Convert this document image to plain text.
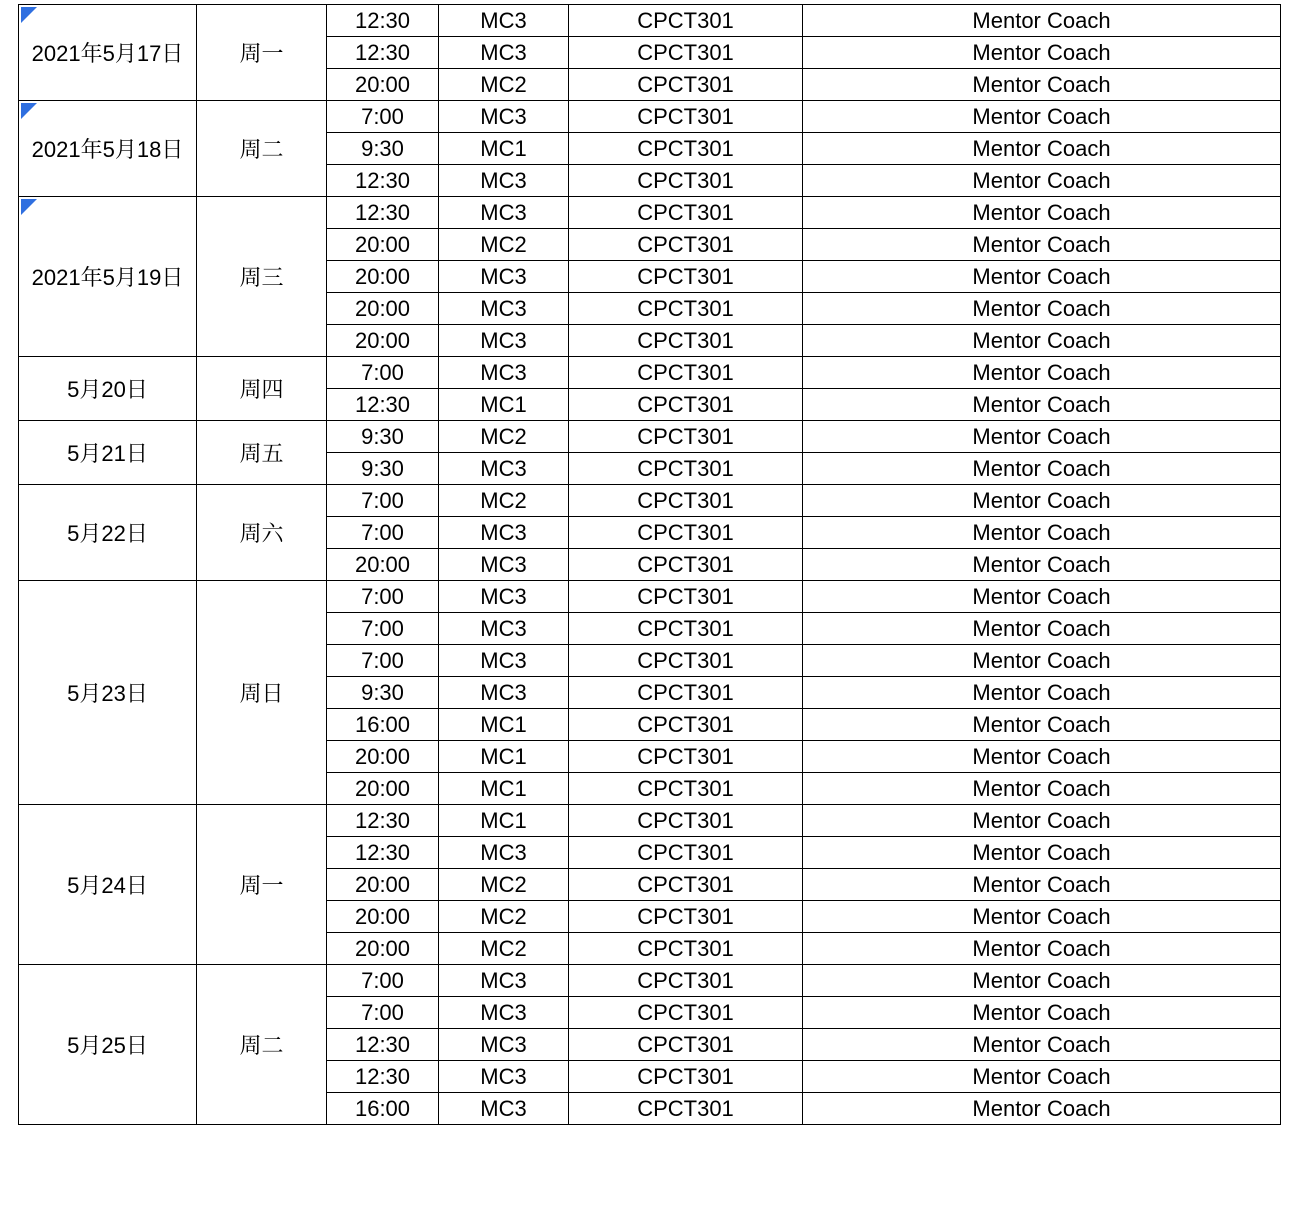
2021年5月17日	周一	12:30	MC3	CPCT301	Mentor Coach
		12:30	MC3	CPCT301	Mentor Coach
		20:00	MC2	CPCT301	Mentor Coach

2021年5月18日	周二	7:00	MC3	CPCT301	Mentor Coach
		9:30	MC1	CPCT301	Mentor Coach
		12:30	MC3	CPCT301	Mentor Coach

2021年5月19日	周三	12:30	MC3	CPCT301	Mentor Coach
		20:00	MC2	CPCT301	Mentor Coach
		20:00	MC3	CPCT301	Mentor Coach
		20:00	MC3	CPCT301	Mentor Coach
		20:00	MC3	CPCT301	Mentor Coach
5月20日	周四	7:00	MC3	CPCT301	Mentor Coach
		12:30	MC1	CPCT301	Mentor Coach
5月21日	周五	9:30	MC2	CPCT301	Mentor Coach
		9:30	MC3	CPCT301	Mentor Coach
5月22日	周六	7:00	MC2	CPCT301	Mentor Coach
		7:00	MC3	CPCT301	Mentor Coach
		20:00	MC3	CPCT301	Mentor Coach
5月23日	周日	7:00	MC3	CPCT301	Mentor Coach
		7:00	MC3	CPCT301	Mentor Coach
		7:00	MC3	CPCT301	Mentor Coach
		9:30	MC3	CPCT301	Mentor Coach
		16:00	MC1	CPCT301	Mentor Coach
		20:00	MC1	CPCT301	Mentor Coach
		20:00	MC1	CPCT301	Mentor Coach
5月24日	周一	12:30	MC1	CPCT301	Mentor Coach
		12:30	MC3	CPCT301	Mentor Coach
		20:00	MC2	CPCT301	Mentor Coach
		20:00	MC2	CPCT301	Mentor Coach
		20:00	MC2	CPCT301	Mentor Coach
5月25日	周二	7:00	MC3	CPCT301	Mentor Coach
		7:00	MC3	CPCT301	Mentor Coach
		12:30	MC3	CPCT301	Mentor Coach
		12:30	MC3	CPCT301	Mentor Coach
		16:00	MC3	CPCT301	Mentor Coach
